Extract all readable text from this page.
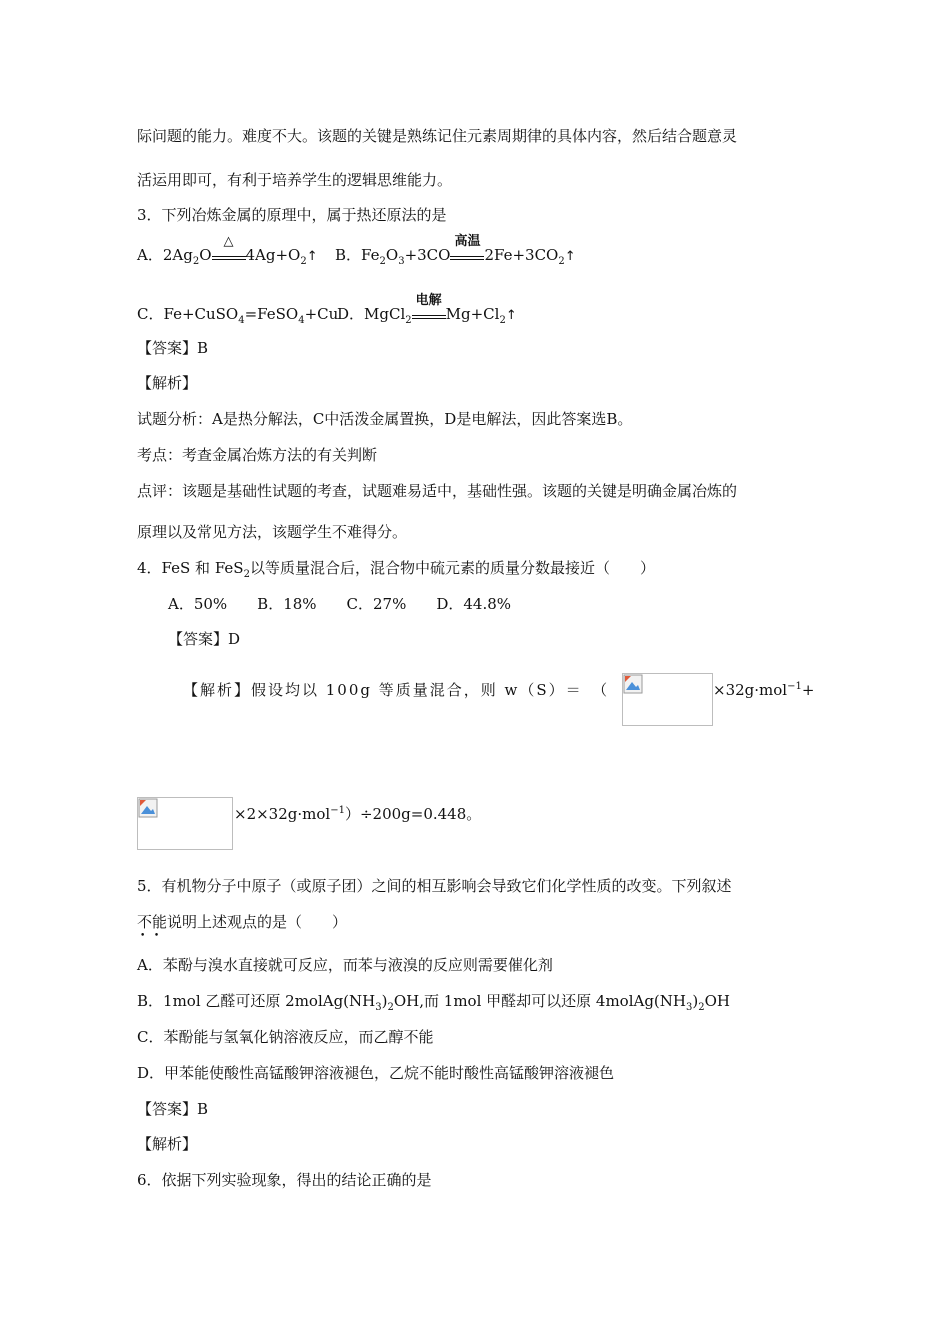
际问题的能力。难度不大。该题的关键是熟练记住元素周期律的具体内容，然后结合题意灵
活运用即可，有利于培养学生的逻辑思维能力。
3．下列冶炼金属的原理中，属于热还原法的是
A．$2Ag_2O$
△
$4Ag+O_2↑$ B．$Fe_2O_3+3CO$
高温
$2Fe+3CO_2↑$
C．Fe+CuSO$_4$=FeSO$_4$+Cu
D．MgCl$_2$
电解
$Mg+Cl_2↑$
【答案】B
【解析】
试题分析：A是热分解法，C中活泼金属置换，D是电解法，因此答案选B。
考点：考查金属冶炼方法的有关判断
点评：该题是基础性试题的考查，试题难易适中，基础性强。该题的关键是明确金属冶炼的
原理以及常见方法，该题学生不难得分。
4．FeS 和 FeS$_2$以等质量混合后，混合物中硫元素的质量分数最接近（　　）
A．50%　　B．18%　　C．27%　　D．44.8%
【答案】D
【解析】假设均以 100g 等质量混合，则 w（S）＝　（	×32g·mol$^{-1}$+
×2×32g·mol$^{-1}$）÷200g=0.448。
5．有机物分子中原子（或原子团）之间的相互影响会导致它们化学性质的改变。下列叙述
不能
•   •
说明上述观点的是（　　）
A．苯酚与溴水直接就可反应，而苯与液溴的反应则需要催化剂
B．1mol 乙醛可还原 $2molAg(NH_3)_2OH$,而 1mol 甲醛却可以还原 $4molAg(NH_3)_2OH$
C．苯酚能与氢氧化钠溶液反应，而乙醇不能
D．甲苯能使酸性高锰酸钾溶液褪色，乙烷不能时酸性高锰酸钾溶液褪色
【答案】B
【解析】
6．依据下列实验现象，得出的结论正确的是
